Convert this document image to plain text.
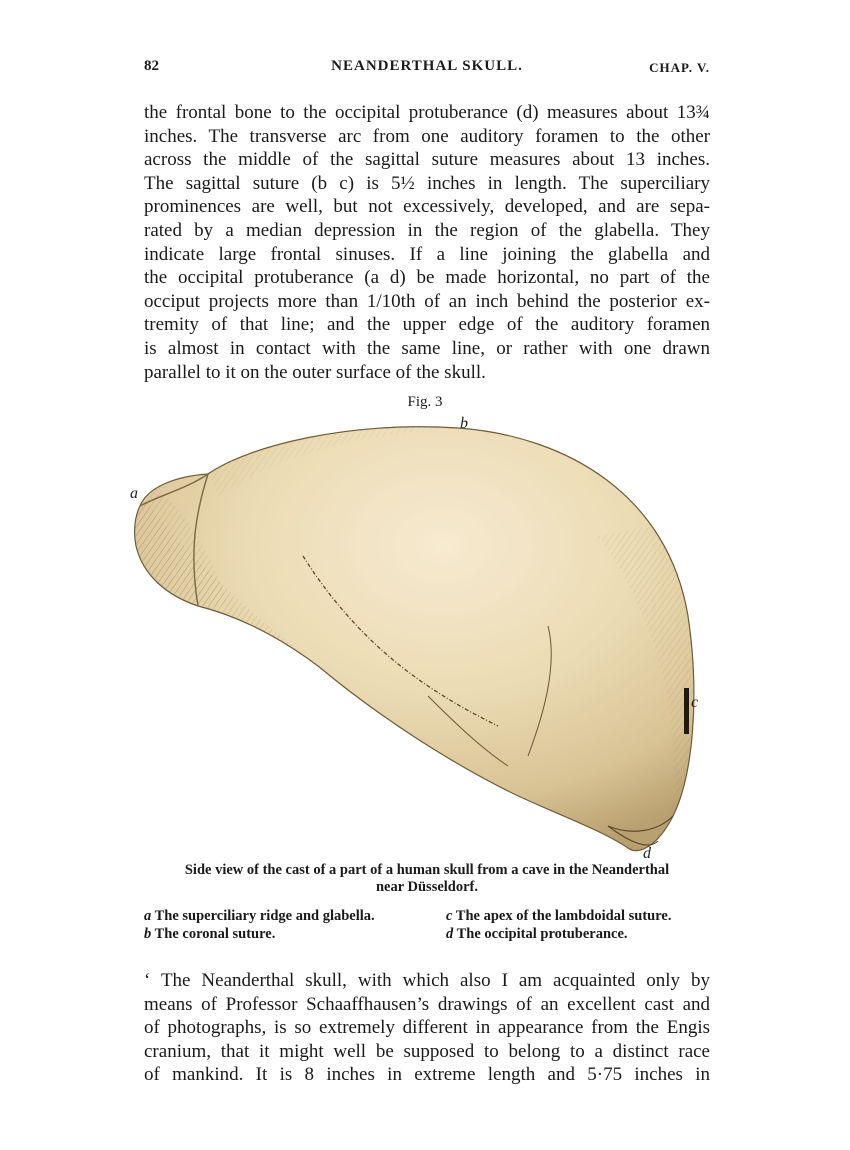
82	NEANDERTHAL SKULL.	CHAP. V.
the frontal bone to the occipital protuberance (d) measures about 13¾
inches. The transverse arc from one auditory foramen to the other
across the middle of the sagittal suture measures about 13 inches.
The sagittal suture (b c) is 5½ inches in length. The superciliary
prominences are well, but not excessively, developed, and are sepa-
rated by a median depression in the region of the glabella. They
indicate large frontal sinuses. If a line joining the glabella and
the occipital protuberance (a d) be made horizontal, no part of the
occiput projects more than 1/10th of an inch behind the posterior ex-
tremity of that line; and the upper edge of the auditory foramen
is almost in contact with the same line, or rather with one drawn
parallel to it on the outer surface of the skull.
Fig. 3
a
b
c
d
Side view of the cast of a part of a human skull from a cave in the Neanderthal
near Düsseldorf.
a The superciliary ridge and glabella.
b The coronal suture.
c The apex of the lambdoidal suture.
d The occipital protuberance.
‘ The Neanderthal skull, with which also I am acquainted only by
means of Professor Schaaffhausen’s drawings of an excellent cast and
of photographs, is so extremely different in appearance from the Engis
cranium, that it might well be supposed to belong to a distinct race
of mankind. It is 8 inches in extreme length and 5·75 inches in
